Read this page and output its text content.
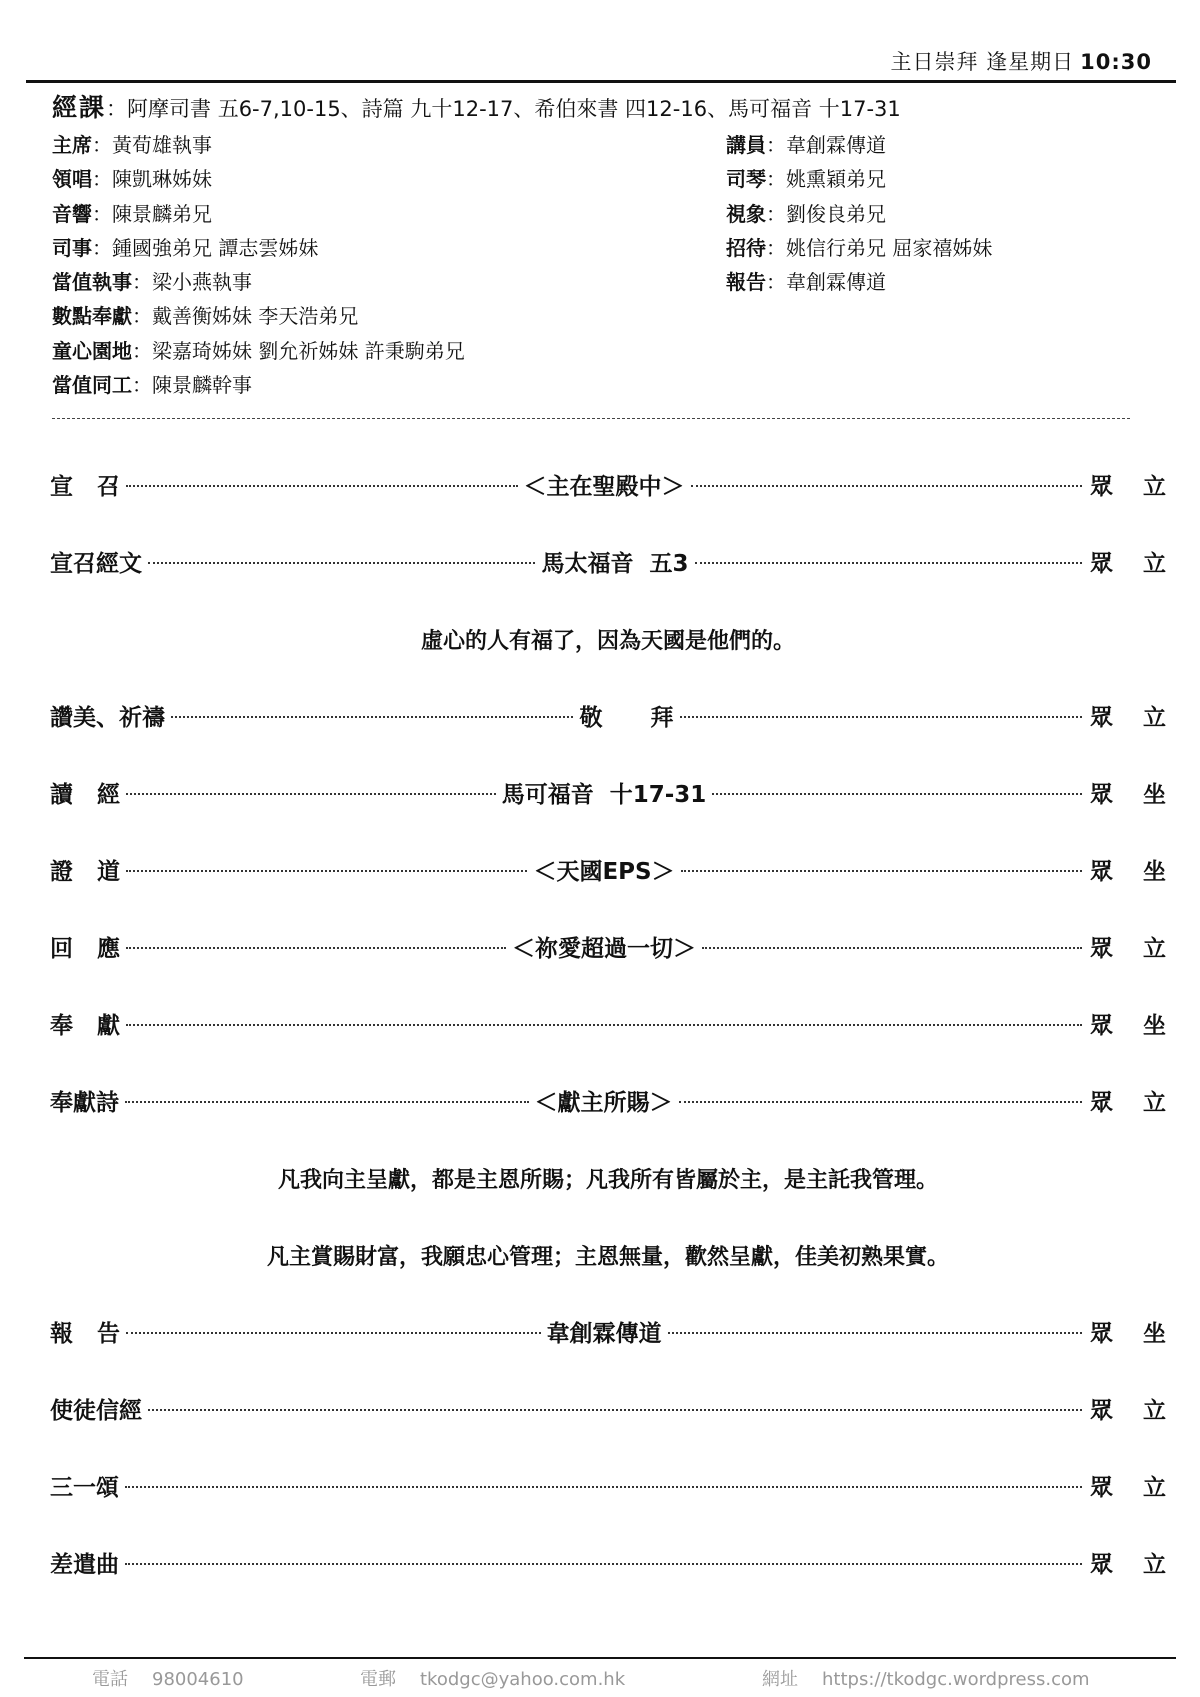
主日崇拜 逢星期日 10:30
經課：阿摩司書 五6-7,10-15、詩篇 九十12-17、希伯來書 四12-16、馬可福音 十17-31
主席：黃荀雄執事
領唱：陳凱琳姊妹
音響：陳景麟弟兄
司事：鍾國強弟兄 譚志雲姊妹
當值執事：梁小燕執事
數點奉獻：戴善衡姊妹 李天浩弟兄
童心園地：梁嘉琦姊妹 劉允祈姊妹 許秉駒弟兄
當值同工：陳景麟幹事
講員：韋創霖傳道
司琴：姚熏穎弟兄
視象：劉俊良弟兄
招待：姚信行弟兄 屈家禧姊妹
報告：韋創霖傳道
宣   召	＜主在聖殿中＞	眾立
宣召經文	馬太福音  五3	眾立
虛心的人有福了，因為天國是他們的。
讚美、祈禱	敬      拜	眾立
讀   經	馬可福音  十17-31	眾坐
證   道	＜天國EPS＞	眾坐
回   應	＜祢愛超過一切＞	眾立
奉   獻	眾坐
奉獻詩	＜獻主所賜＞	眾立
凡我向主呈獻，都是主恩所賜；凡我所有皆屬於主，是主託我管理。
凡主賞賜財富，我願忠心管理；主恩無量，歡然呈獻，佳美初熟果實。
報   告	韋創霖傳道	眾坐
使徒信經	眾立
三一頌	眾立
差遣曲	眾立
電話 98004610	電郵 tkodgc@yahoo.com.hk	網址 https://tkodgc.wordpress.com
